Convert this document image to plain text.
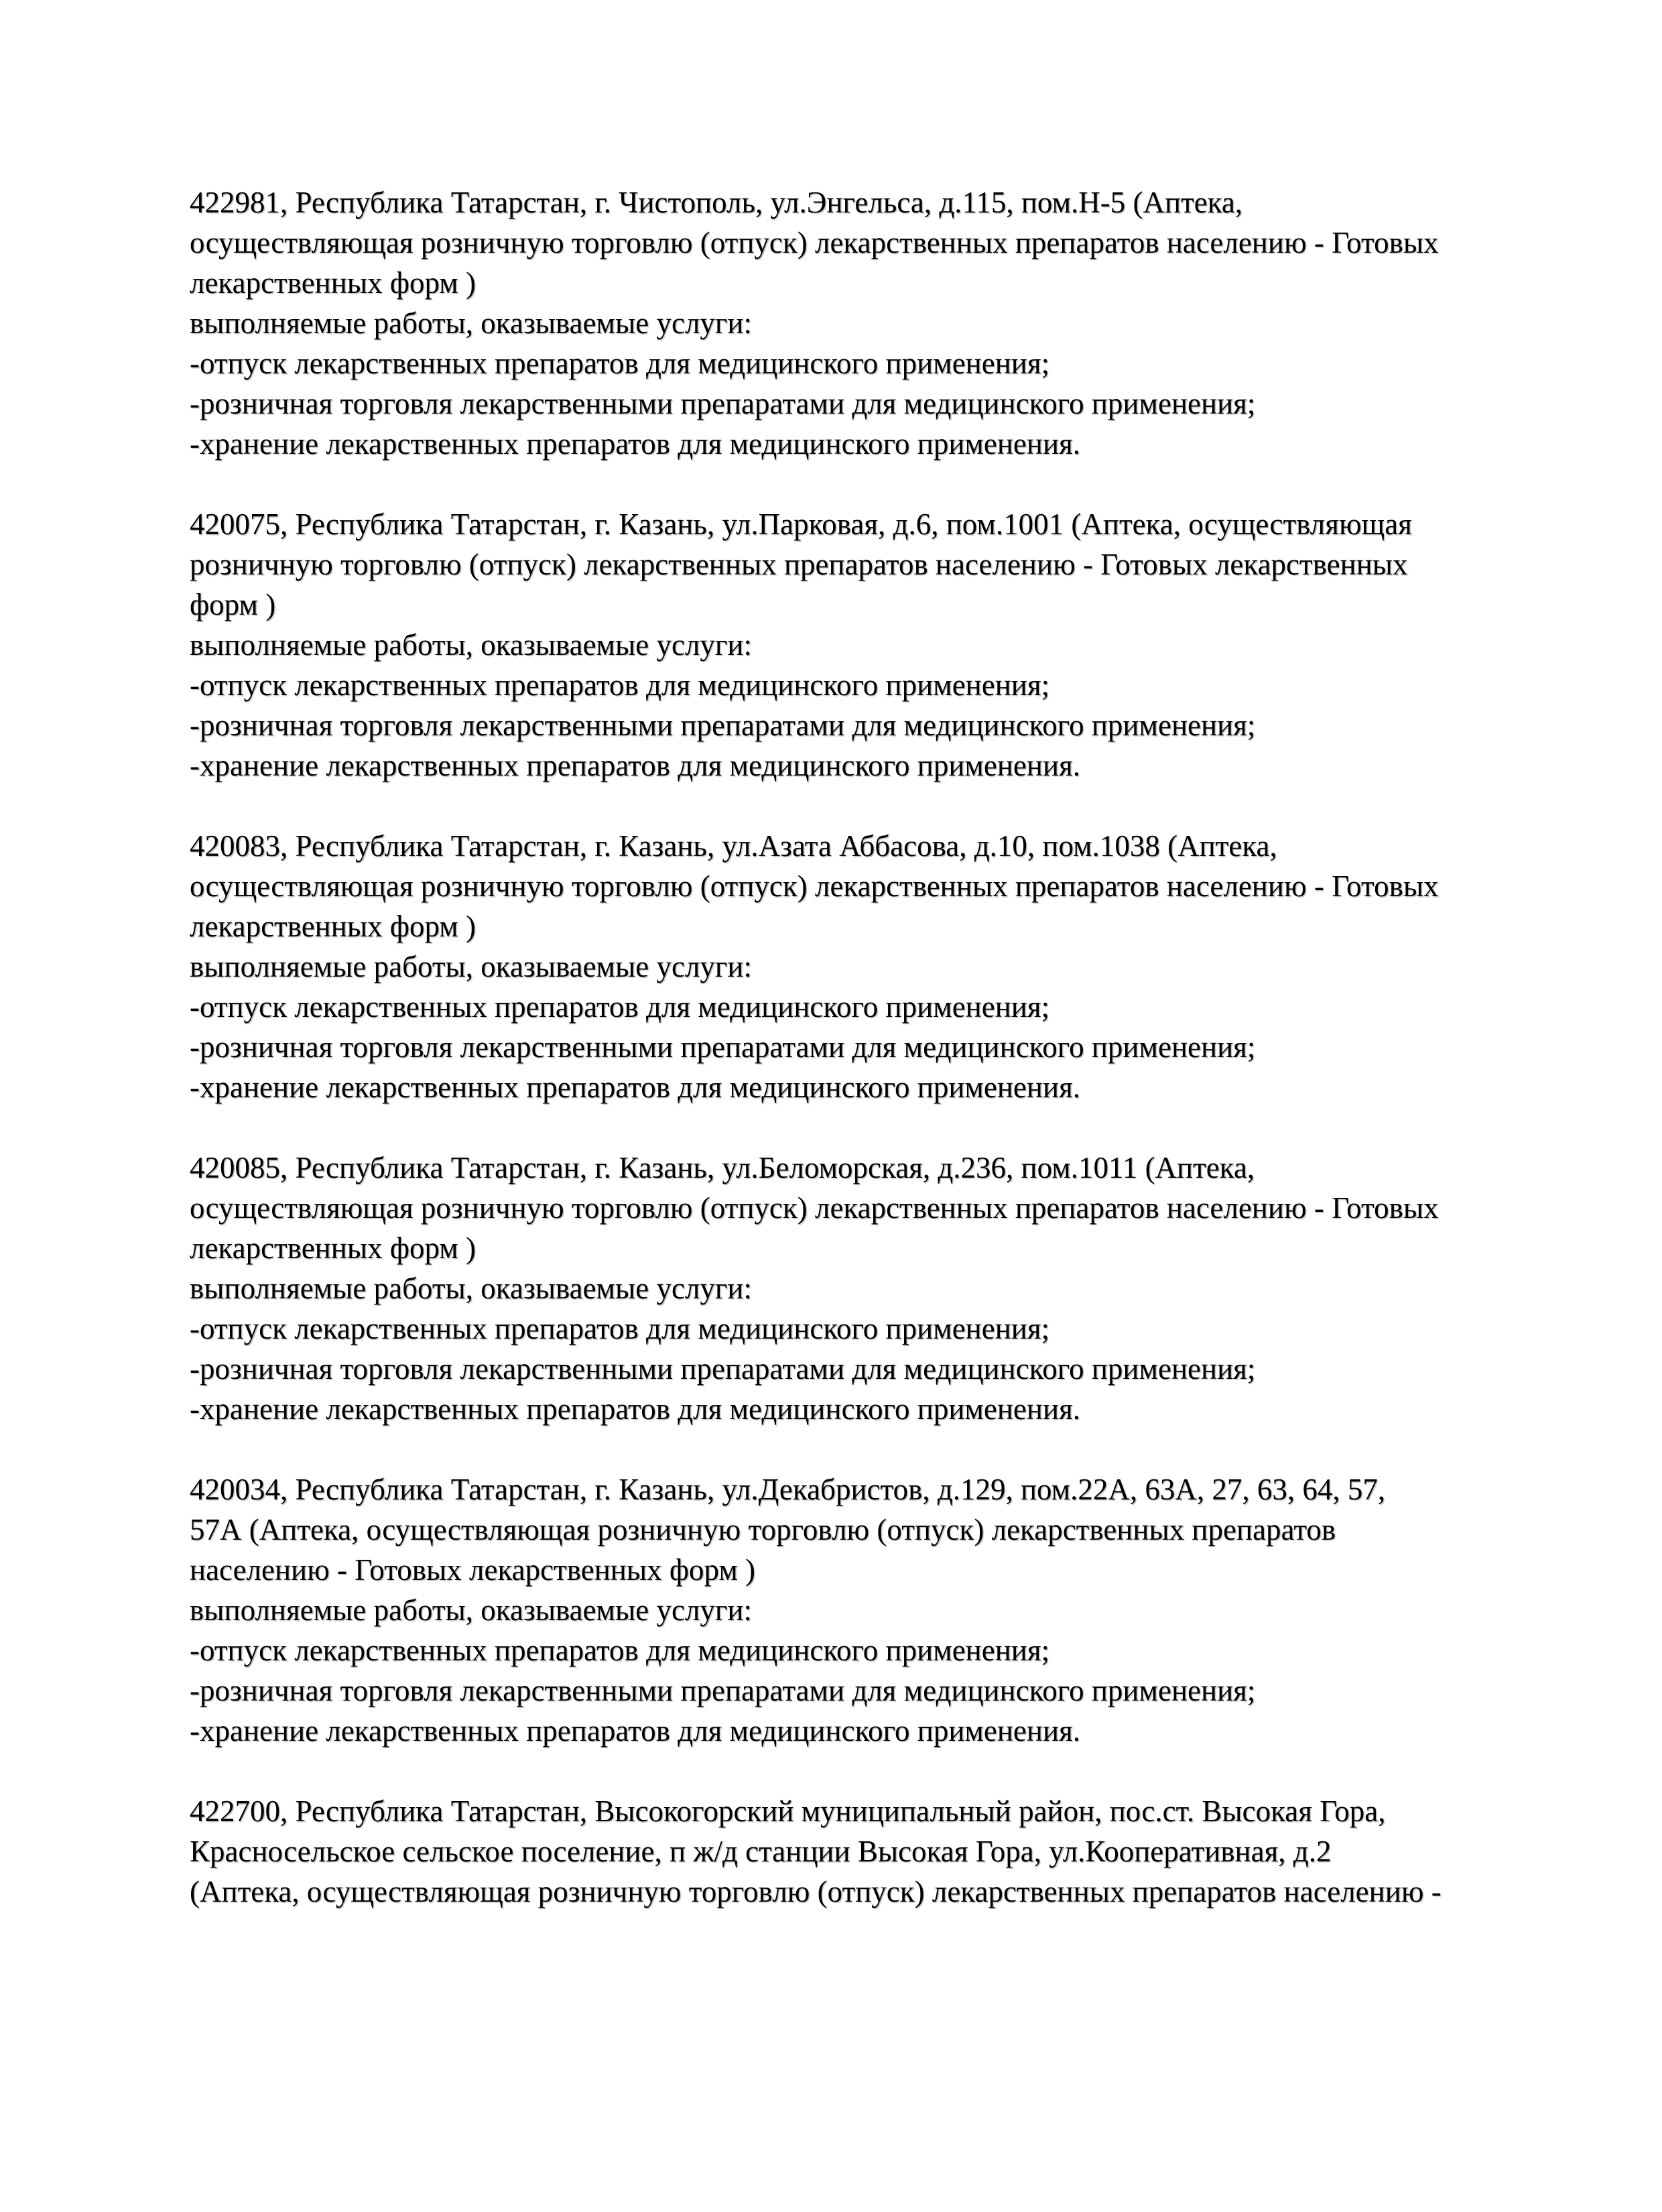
422981, Республика Татарстан, г. Чистополь, ул.Энгельса, д.115, пом.Н-5 (Аптека,
осуществляющая розничную торговлю (отпуск) лекарственных препаратов населению - Готовых
лекарственных форм )
выполняемые работы, оказываемые услуги:
-отпуск лекарственных препаратов для медицинского применения;
-розничная торговля лекарственными препаратами для медицинского применения;
-хранение лекарственных препаратов для медицинского применения.
420075, Республика Татарстан, г. Казань, ул.Парковая, д.6, пом.1001 (Аптека, осуществляющая
розничную торговлю (отпуск) лекарственных препаратов населению - Готовых лекарственных
форм )
выполняемые работы, оказываемые услуги:
-отпуск лекарственных препаратов для медицинского применения;
-розничная торговля лекарственными препаратами для медицинского применения;
-хранение лекарственных препаратов для медицинского применения.
420083, Республика Татарстан, г. Казань, ул.Азата Аббасова, д.10, пом.1038 (Аптека,
осуществляющая розничную торговлю (отпуск) лекарственных препаратов населению - Готовых
лекарственных форм )
выполняемые работы, оказываемые услуги:
-отпуск лекарственных препаратов для медицинского применения;
-розничная торговля лекарственными препаратами для медицинского применения;
-хранение лекарственных препаратов для медицинского применения.
420085, Республика Татарстан, г. Казань, ул.Беломорская, д.236, пом.1011 (Аптека,
осуществляющая розничную торговлю (отпуск) лекарственных препаратов населению - Готовых
лекарственных форм )
выполняемые работы, оказываемые услуги:
-отпуск лекарственных препаратов для медицинского применения;
-розничная торговля лекарственными препаратами для медицинского применения;
-хранение лекарственных препаратов для медицинского применения.
420034, Республика Татарстан, г. Казань, ул.Декабристов, д.129, пом.22А, 63А, 27, 63, 64, 57,
57А (Аптека, осуществляющая розничную торговлю (отпуск) лекарственных препаратов
населению - Готовых лекарственных форм )
выполняемые работы, оказываемые услуги:
-отпуск лекарственных препаратов для медицинского применения;
-розничная торговля лекарственными препаратами для медицинского применения;
-хранение лекарственных препаратов для медицинского применения.
422700, Республика Татарстан, Высокогорский муниципальный район, пос.ст. Высокая Гора,
Красносельское сельское поселение, п ж/д станции Высокая Гора, ул.Кооперативная, д.2
(Аптека, осуществляющая розничную торговлю (отпуск) лекарственных препаратов населению -
